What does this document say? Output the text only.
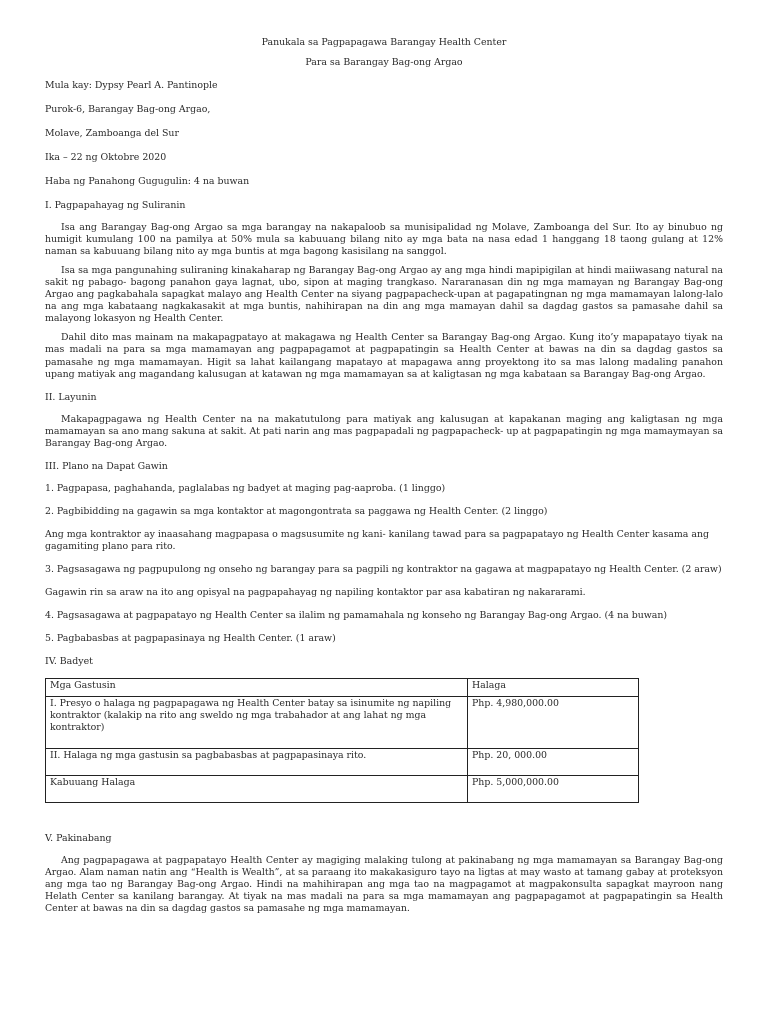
Panukala sa Pagpapagawa Barangay Health Center
Para sa Barangay Bag-ong Argao
Mula kay: Dypsy Pearl A. Pantinople
Purok-6, Barangay Bag-ong Argao,
Molave, Zamboanga del Sur
Ika – 22 ng Oktobre 2020
Haba ng Panahong Gugugulin: 4 na buwan
I. Pagpapahayag ng Suliranin

Isa ang Barangay Bag-ong Argao sa mga barangay na nakapaloob sa munisipalidad ng Molave, Zamboanga del Sur. Ito ay binubuo ng humigit kumulang 100 na pamilya at 50% mula sa kabuuang bilang nito ay mga bata na nasa edad 1 hanggang 18 taong gulang at 12% naman sa kabuuang bilang nito ay mga buntis at mga bagong kasisilang na sanggol.

Isa sa mga pangunahing suliraning kinakaharap ng Barangay Bag-ong Argao ay ang mga hindi mapipigilan at hindi maiiwasang natural na sakit ng pabago- bagong panahon gaya lagnat, ubo, sipon at maging trangkaso. Nararanasan din ng mga mamayan ng Barangay Bag-ong Argao ang pagkabahala sapagkat malayo ang Health Center na siyang pagpapacheck-upan at pagapatingnan ng mga mamamayan lalong-lalo na ang mga kabataang nagkakasakit at mga buntis, nahihirapan na din ang mga mamayan dahil sa dagdag gastos sa pamasahe dahil sa malayong lokasyon ng Health Center.

Dahil dito mas mainam na makapagpatayo at makagawa ng Health Center sa Barangay Bag-ong Argao. Kung ito’y mapapatayo tiyak na mas madali na para sa mga mamamayan ang pagpapagamot at pagpapatingin sa Health Center at bawas na din sa dagdag gastos sa pamasahe ng mga mamamayan. Higit sa lahat kailangang mapatayo at mapagawa anng proyektong ito sa mas lalong madaling panahon upang matiyak ang magandang kalusugan at katawan ng mga mamamayan sa at kaligtasan ng mga kabataan sa Barangay Bag-ong Argao.

II. Layunin

Makapagpagawa ng Health Center na na makatutulong para matiyak ang kalusugan at kapakanan maging ang kaligtasan ng mga mamamayan sa ano mang sakuna at sakit. At pati narin ang mas pagpapadali ng pagpapacheck- up at pagpapatingin ng mga mamaymayan sa Barangay Bag-ong Argao.

III. Plano na Dapat Gawin
1. Pagpapasa, paghahanda, paglalabas ng badyet at maging pag-aaproba. (1 linggo)
2. Pagbibidding na gagawin sa mga kontaktor at magongontrata sa paggawa ng Health Center. (2 linggo)
Ang mga kontraktor ay inaasahang magpapasa o magsusumite ng kani- kanilang tawad para sa pagpapatayo ng Health Center kasama ang gagamiting plano para rito.
3. Pagsasagawa ng pagpupulong ng onseho ng barangay para sa pagpili ng kontraktor na gagawa at magpapatayo ng Health Center. (2 araw)
Gagawin rin sa araw na ito ang opisyal na pagpapahayag ng napiling kontaktor par asa kabatiran ng nakararami.
4. Pagsasagawa at pagpapatayo ng Health Center sa ilalim ng pamamahala ng konseho ng Barangay Bag-ong Argao. (4 na buwan)
5. Pagbabasbas at pagpapasinaya ng Health Center. (1 araw)
IV. Badyet
Mga Gastusin	Halaga
I. Presyo o halaga ng pagpapagawa ng Health Center batay sa isinumite ng napiling kontraktor (kalakip na rito ang sweldo ng mga trabahador at ang lahat ng mga kontraktor)	Php. 4,980,000.00
II. Halaga ng mga gastusin sa pagbabasbas at pagpapasinaya rito.	Php. 20, 000.00
Kabuuang Halaga	Php. 5,000,000.00
V. Pakinabang

Ang pagpapagawa at pagpapatayo Health Center ay magiging malaking tulong at pakinabang ng mga mamamayan sa Barangay Bag-ong Argao. Alam naman natin ang “Health is Wealth”, at sa paraang ito makakasiguro tayo na ligtas at may wasto at tamang gabay at proteksyon ang mga tao ng Barangay Bag-ong Argao. Hindi na mahihirapan ang mga tao na magpagamot at magpakonsulta sapagkat mayroon nang Helath Center sa kanilang barangay. At tiyak na mas madali na para sa mga mamamayan ang pagpapagamot at pagpapatingin sa Health Center at bawas na din sa dagdag gastos sa pamasahe ng mga mamamayan.
